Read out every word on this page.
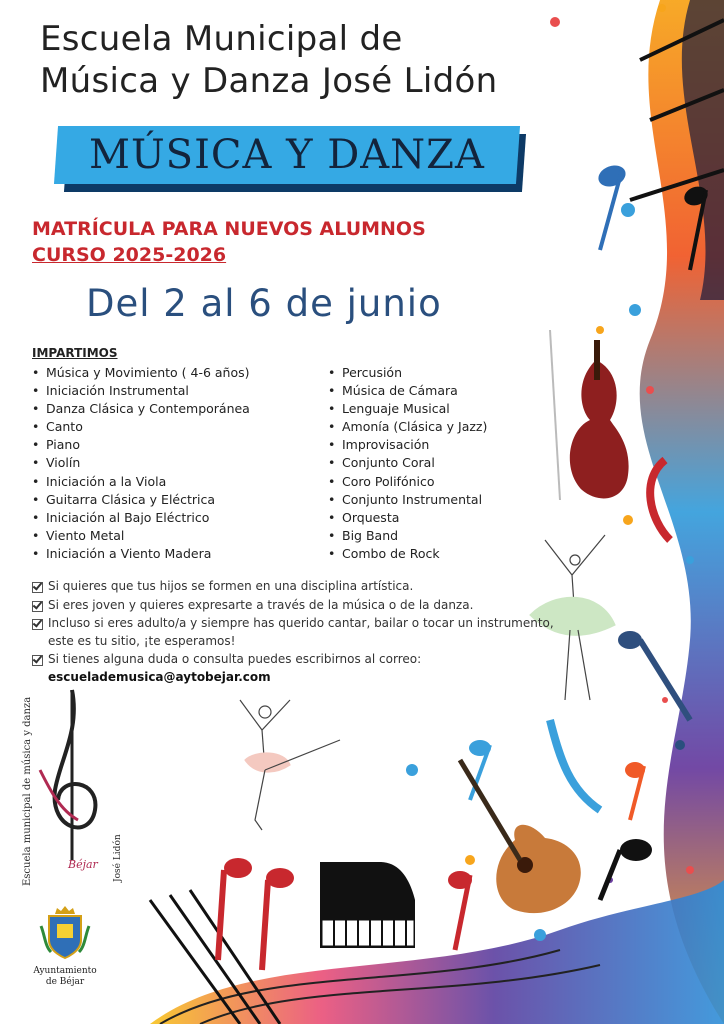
Escuela Municipal de
Música y Danza José Lidón
MÚSICA Y DANZA
MATRÍCULA PARA NUEVOS ALUMNOS
CURSO 2025-2026
Del 2 al 6 de junio
IMPARTIMOS
• Música y Movimiento ( 4-6 años)
• Iniciación Instrumental
• Danza Clásica y Contemporánea
• Canto
• Piano
• Violín
• Iniciación a la Viola
• Guitarra Clásica y Eléctrica
• Iniciación al Bajo Eléctrico
• Viento Metal
• Iniciación a Viento Madera
• Percusión
• Música de Cámara
• Lenguaje Musical
• Amonía (Clásica y Jazz)
• Improvisación
• Conjunto Coral
• Coro Polifónico
• Conjunto Instrumental
• Orquesta
• Big Band
• Combo de Rock
Si quieres que tus hijos se formen en una disciplina artística.
Si eres joven y quieres expresarte a través de la música o de la danza.
Incluso si eres adulto/a y siempre has querido cantar, bailar o tocar un instrumento,
este es tu sitio, ¡te esperamos!
Si tienes alguna duda o consulta puedes escribirnos al correo: escuelademusica@aytobejar.com
Escuela municipal de música y danza	José Lidón
Béjar
Ayuntamiento
de Béjar
